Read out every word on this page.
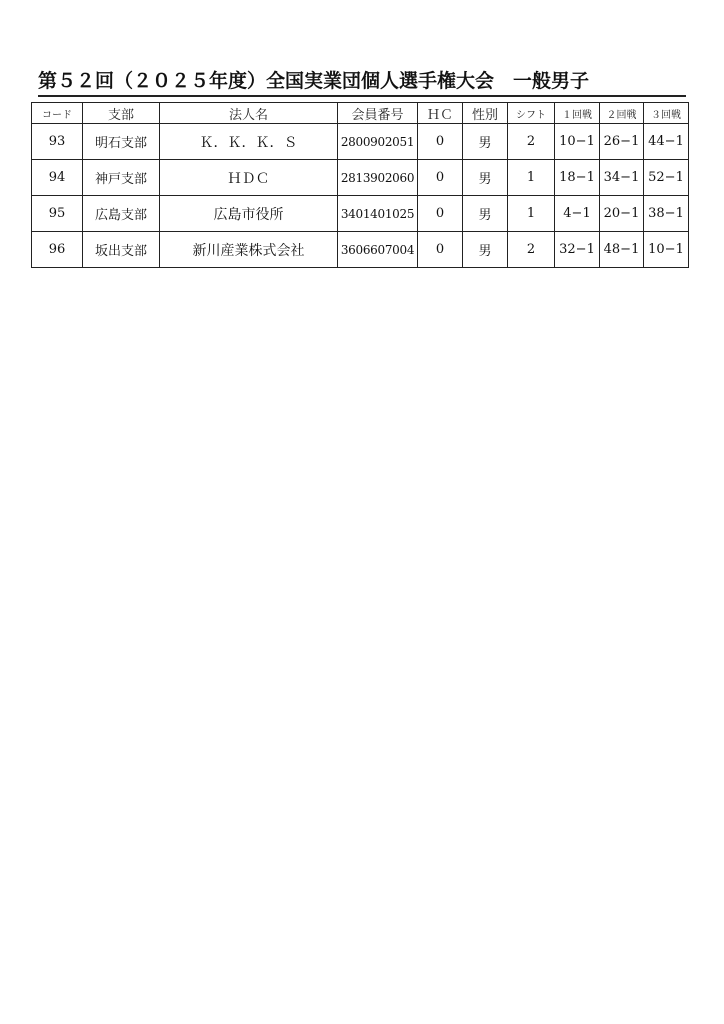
第５２回（２０２５年度）全国実業団個人選手権大会　一般男子
コード	支部	法人名	会員番号	ＨＣ	性別	シフト	１回戦	２回戦	３回戦
93	明石支部	Ｋ．Ｋ．Ｋ．Ｓ	2800902051	0	男	2	10−1	26−1	44−1
94	神戸支部	ＨＤＣ	2813902060	0	男	1	18−1	34−1	52−1
95	広島支部	広島市役所	3401401025	0	男	1	4−1	20−1	38−1
96	坂出支部	新川産業株式会社	3606607004	0	男	2	32−1	48−1	10−1
